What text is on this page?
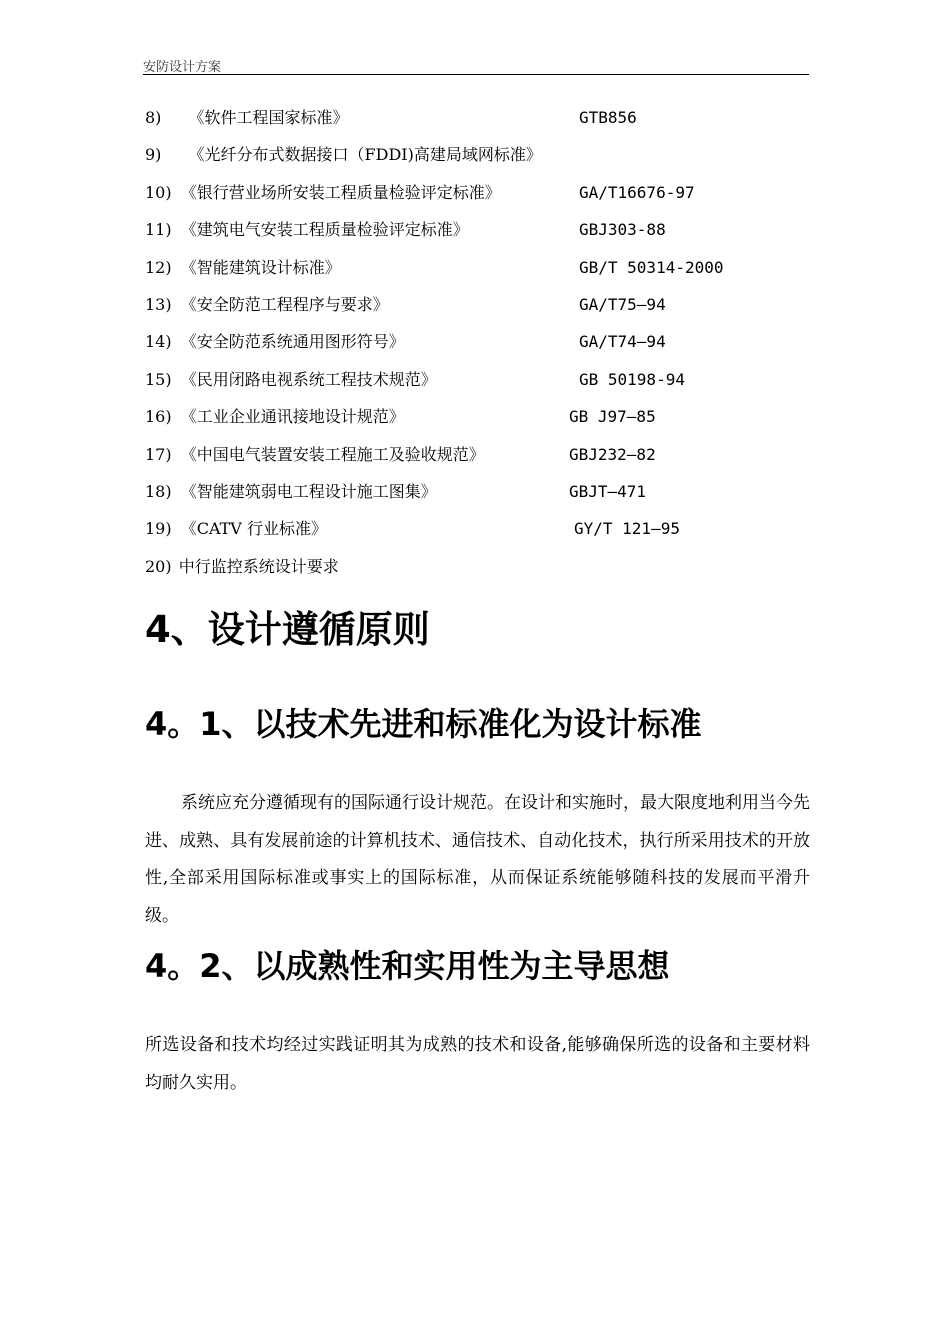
安防设计方案
8) 《软件工程国家标准》	GTB856
9) 《光纤分布式数据接口（FDDI)高建局域网标准》
10) 《银行营业场所安装工程质量检验评定标准》	GA/T16676-97
11) 《建筑电气安装工程质量检验评定标准》	GBJ303-88
12) 《智能建筑设计标准》	GB/T 50314-2000
13) 《安全防范工程程序与要求》	GA/T75—94
14) 《安全防范系统通用图形符号》	GA/T74—94
15) 《民用闭路电视系统工程技术规范》	GB 50198-94
16) 《工业企业通讯接地设计规范》	GB J97—85
17) 《中国电气装置安装工程施工及验收规范》	GBJ232—82
18) 《智能建筑弱电工程设计施工图集》	GBJT—471
19) 《CATV 行业标准》	GY/T 121—95
20) 中行监控系统设计要求
4、设计遵循原则
4。1、以技术先进和标准化为设计标准
系统应充分遵循现有的国际通行设计规范。在设计和实施时，最大限度地利用当今先进、成熟、具有发展前途的计算机技术、通信技术、自动化技术，执行所采用技术的开放性,全部采用国际标准或事实上的国际标准，从而保证系统能够随科技的发展而平滑升级。
4。2、以成熟性和实用性为主导思想
所选设备和技术均经过实践证明其为成熟的技术和设备,能够确保所选的设备和主要材料均耐久实用。
